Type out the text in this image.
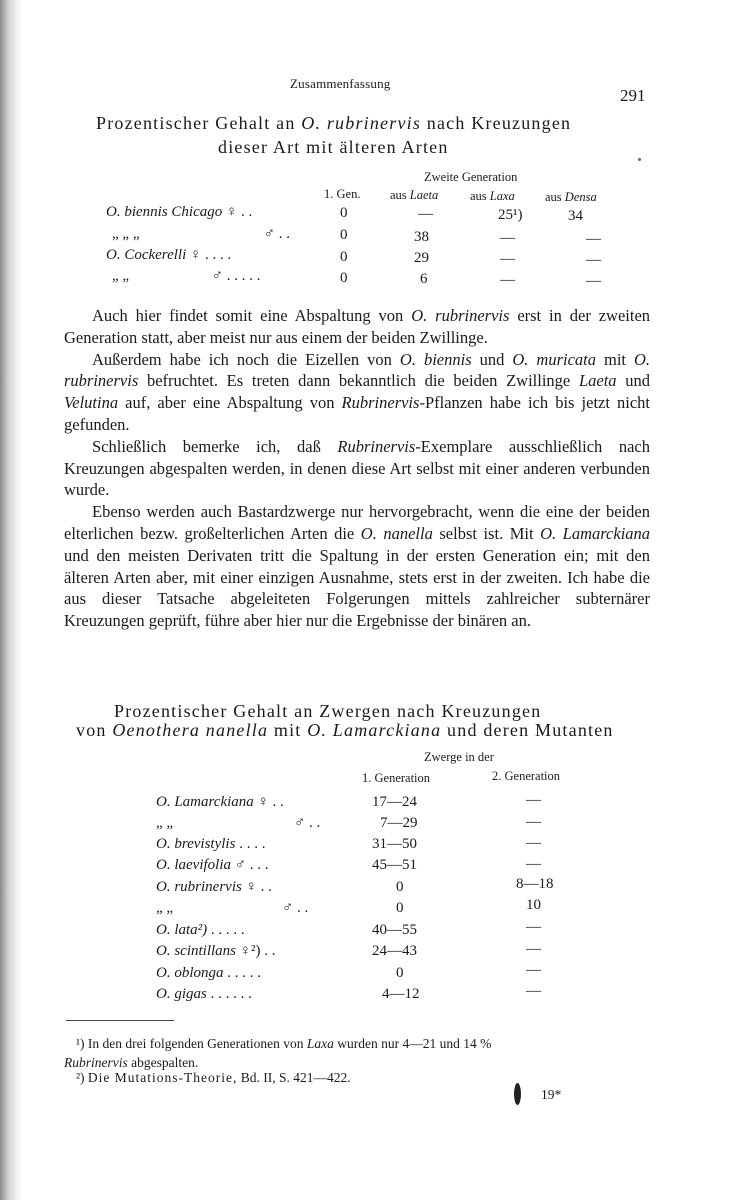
Zusammenfassung
291
Prozentischer Gehalt an O. rubrinervis nach Kreuzungen
dieser Art mit älteren Arten
Zweite Generation
1. Gen. aus Laeta	aus Laxa aus Densa
O. biennis Chicago ♀ . .	0	—	25¹)	34
„ „ „	♂ . .	0	38	—	—
O. Cockerelli ♀ . . . .	0	29	—	—
„ „	♂ . . . . .	0	6	—	—

Auch hier findet somit eine Abspaltung von O. rubrinervis erst in der zweiten Generation statt, aber meist nur aus einem der beiden Zwillinge.

Außerdem habe ich noch die Eizellen von O. biennis und O. muricata mit O. rubrinervis befruchtet. Es treten dann bekanntlich die beiden Zwillinge Laeta und Velutina auf, aber eine Abspaltung von Rubrinervis-Pflanzen habe ich bis jetzt nicht gefunden.

Schließlich bemerke ich, daß Rubrinervis-Exemplare ausschließlich nach Kreuzungen abgespalten werden, in denen diese Art selbst mit einer anderen verbunden wurde.

Ebenso werden auch Bastardzwerge nur hervorgebracht, wenn die eine der beiden elterlichen bezw. großelterlichen Arten die O. nanella selbst ist. Mit O. Lamarckiana und den meisten Derivaten tritt die Spaltung in der ersten Generation ein; mit den älteren Arten aber, mit einer einzigen Ausnahme, stets erst in der zweiten. Ich habe die aus dieser Tatsache abgeleiteten Folgerungen mittels zahlreicher subternärer Kreuzungen geprüft, führe aber hier nur die Ergebnisse der binären an.

Prozentischer Gehalt an Zwergen nach Kreuzungen
von Oenothera nanella mit O. Lamarckiana und deren Mutanten
Zwerge in der
1. Generation	2. Generation
O. Lamarckiana ♀ . .	17—24	—
„ „	♂ . .	7—29	—
O. brevistylis . . . .	31—50	—
O. laevifolia ♂ . . .	45—51	—
O. rubrinervis ♀ . .	0	8—18
„ „	♂ . .	0	10
O. lata²) . . . . .	40—55	—
O. scintillans ♀²) . .	24—43	—
O. oblonga . . . . .	0	—
O. gigas . . . . . .	4—12	—
¹) In den drei folgenden Generationen von Laxa wurden nur 4—21 und 14 %
Rubrinervis abgespalten.
²) Die Mutations-Theorie, Bd. II, S. 421—422.
19*
